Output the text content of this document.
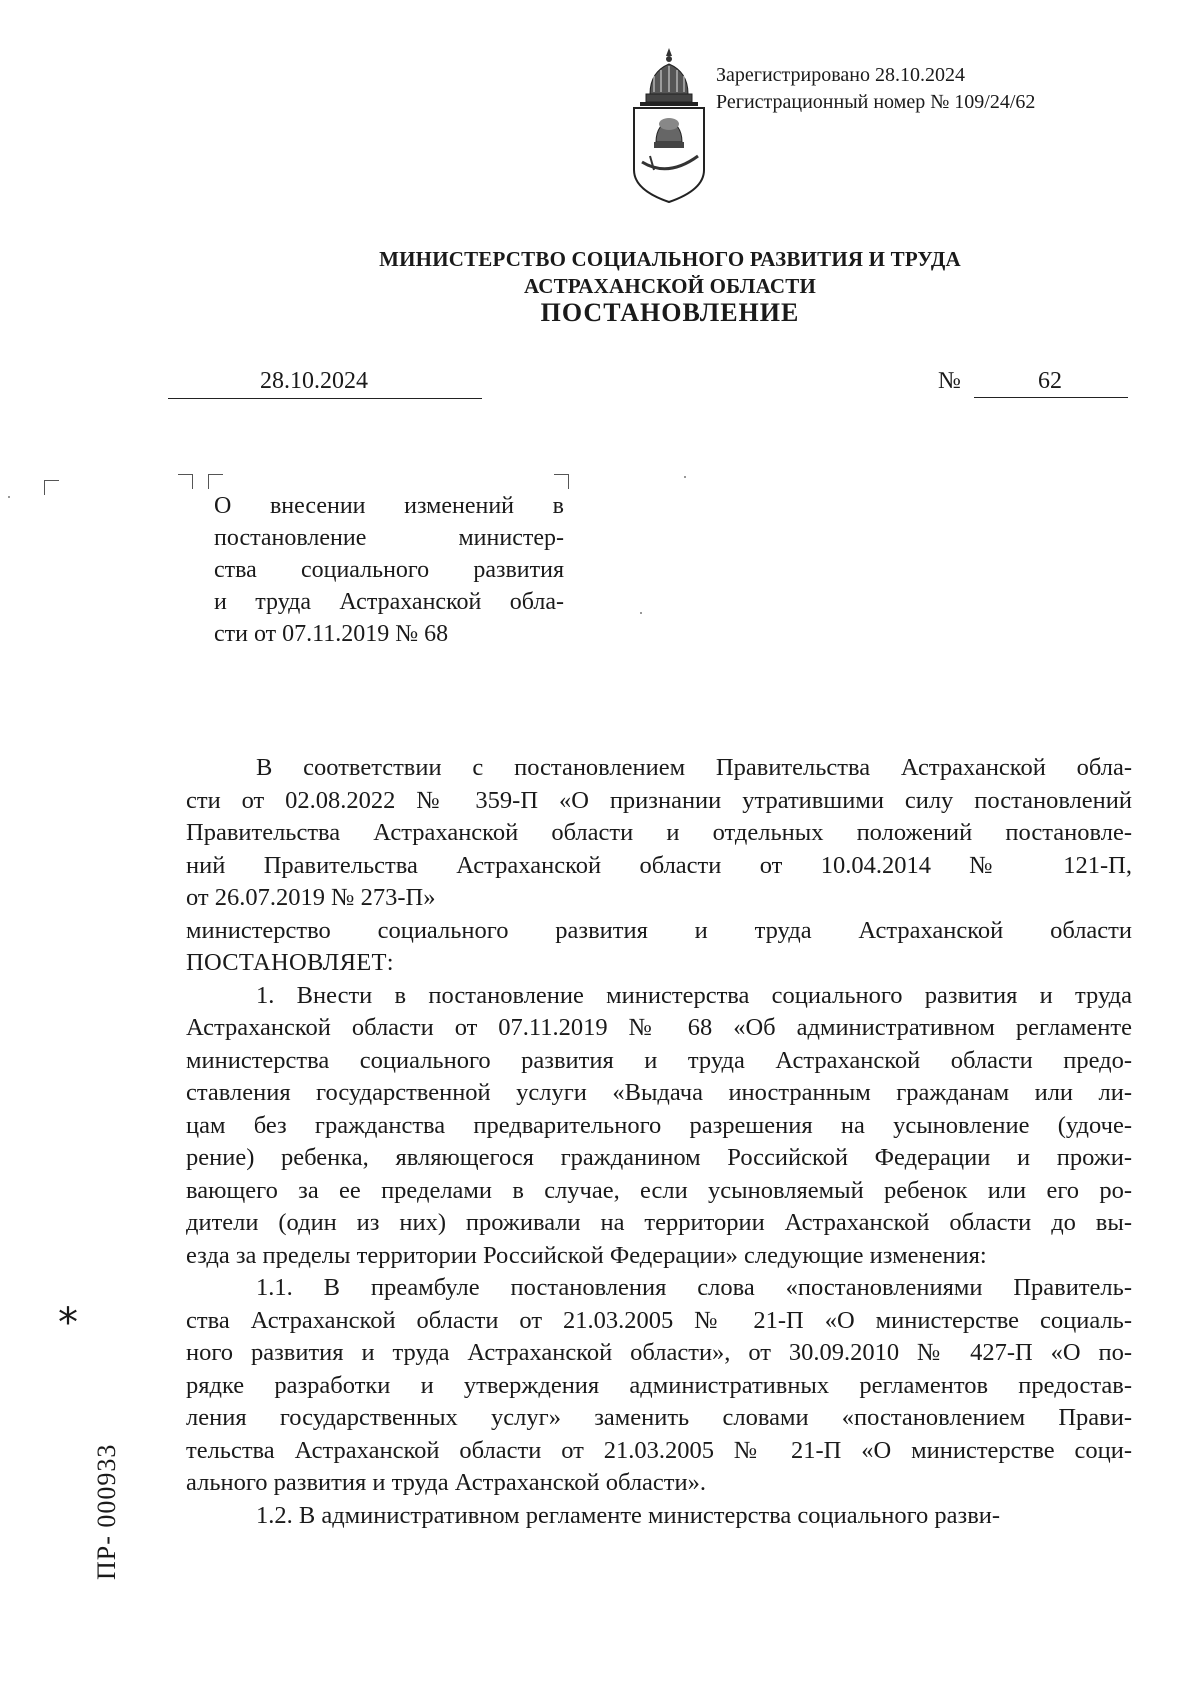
Зарегистрировано 28.10.2024
Регистрационный номер № 109/24/62
МИНИСТЕРСТВО СОЦИАЛЬНОГО РАЗВИТИЯ И ТРУДА
АСТРАХАНСКОЙ ОБЛАСТИ
ПОСТАНОВЛЕНИЕ
28.10.2024	№	62
О внесении изменений в
постановление министер-
ства социального развития
и труда Астраханской обла-
сти от 07.11.2019 № 68
В соответствии с постановлением Правительства Астраханской обла-
сти от 02.08.2022 № 359-П «О признании утратившими силу постановлений
Правительства Астраханской области и отдельных положений постановле-
ний Правительства Астраханской области от 10.04.2014 № 121-П,
от 26.07.2019 № 273-П»
министерство социального развития и труда Астраханской области
ПОСТАНОВЛЯЕТ:
1. Внести в постановление министерства социального развития и труда
Астраханской области от 07.11.2019 № 68 «Об административном регламенте
министерства социального развития и труда Астраханской области предо-
ставления государственной услуги «Выдача иностранным гражданам или ли-
цам без гражданства предварительного разрешения на усыновление (удоче-
рение) ребенка, являющегося гражданином Российской Федерации и прожи-
вающего за ее пределами в случае, если усыновляемый ребенок или его ро-
дители (один из них) проживали на территории Астраханской области до вы-
езда за пределы территории Российской Федерации» следующие изменения:
1.1. В преамбуле постановления слова «постановлениями Правитель-
ства Астраханской области от 21.03.2005 № 21-П «О министерстве социаль-
ного развития и труда Астраханской области», от 30.09.2010 № 427-П «О по-
рядке разработки и утверждения административных регламентов предостав-
ления государственных услуг» заменить словами «постановлением Прави-
тельства Астраханской области от 21.03.2005 № 21-П «О министерстве соци-
ального развития и труда Астраханской области».
1.2. В административном регламенте министерства социального разви-
*
ПР- 000933
